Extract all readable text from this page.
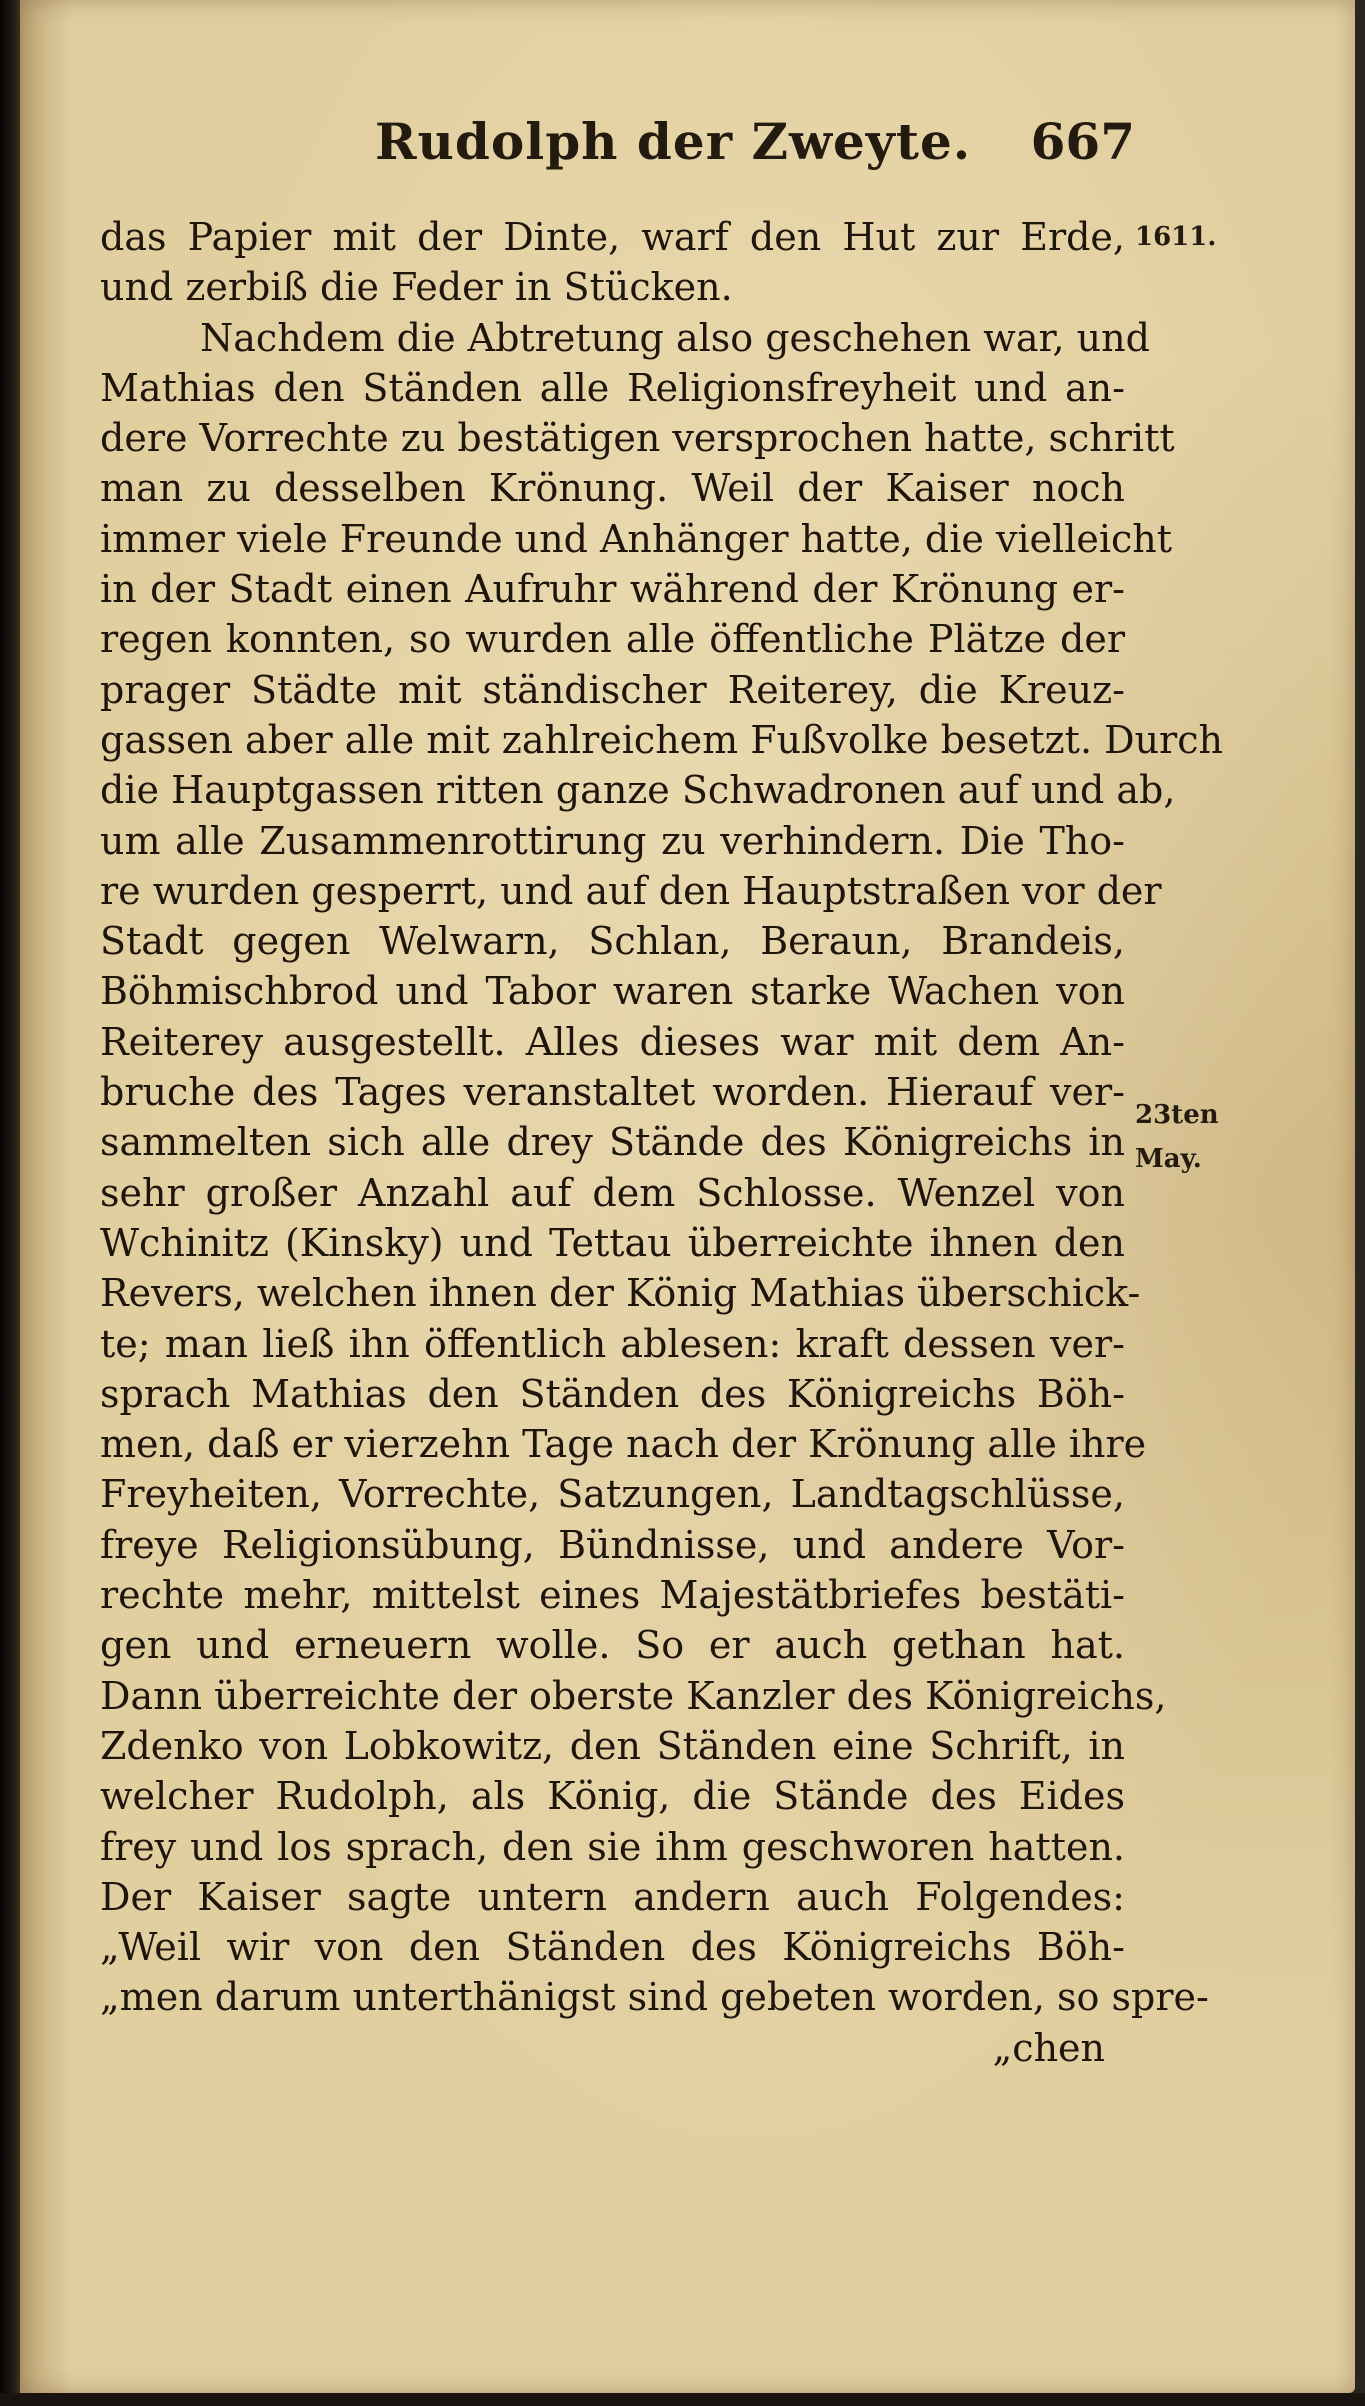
Rudolph der Zweyte. 667
1611.
23ten
May.
das Papier mit der Dinte, warf den Hut zur Erde,
und zerbiß die Feder in Stücken.
Nachdem die Abtretung also geschehen war, und
Mathias den Ständen alle Religionsfreyheit und an-
dere Vorrechte zu bestätigen versprochen hatte, schritt
man zu desselben Krönung. Weil der Kaiser noch
immer viele Freunde und Anhänger hatte, die vielleicht
in der Stadt einen Aufruhr während der Krönung er-
regen konnten, so wurden alle öffentliche Plätze der
prager Städte mit ständischer Reiterey, die Kreuz-
gassen aber alle mit zahlreichem Fußvolke besetzt. Durch
die Hauptgassen ritten ganze Schwadronen auf und ab,
um alle Zusammenrottirung zu verhindern. Die Tho-
re wurden gesperrt, und auf den Hauptstraßen vor der
Stadt gegen Welwarn, Schlan, Beraun, Brandeis,
Böhmischbrod und Tabor waren starke Wachen von
Reiterey ausgestellt. Alles dieses war mit dem An-
bruche des Tages veranstaltet worden. Hierauf ver-
sammelten sich alle drey Stände des Königreichs in
sehr großer Anzahl auf dem Schlosse. Wenzel von
Wchinitz (Kinsky) und Tettau überreichte ihnen den
Revers, welchen ihnen der König Mathias überschick-
te; man ließ ihn öffentlich ablesen: kraft dessen ver-
sprach Mathias den Ständen des Königreichs Böh-
men, daß er vierzehn Tage nach der Krönung alle ihre
Freyheiten, Vorrechte, Satzungen, Landtagschlüsse,
freye Religionsübung, Bündnisse, und andere Vor-
rechte mehr, mittelst eines Majestätbriefes bestäti-
gen und erneuern wolle. So er auch gethan hat.
Dann überreichte der oberste Kanzler des Königreichs,
Zdenko von Lobkowitz, den Ständen eine Schrift, in
welcher Rudolph, als König, die Stände des Eides
frey und los sprach, den sie ihm geschworen hatten.
Der Kaiser sagte untern andern auch Folgendes:
„Weil wir von den Ständen des Königreichs Böh-
„men darum unterthänigst sind gebeten worden, so spre-
„chen
